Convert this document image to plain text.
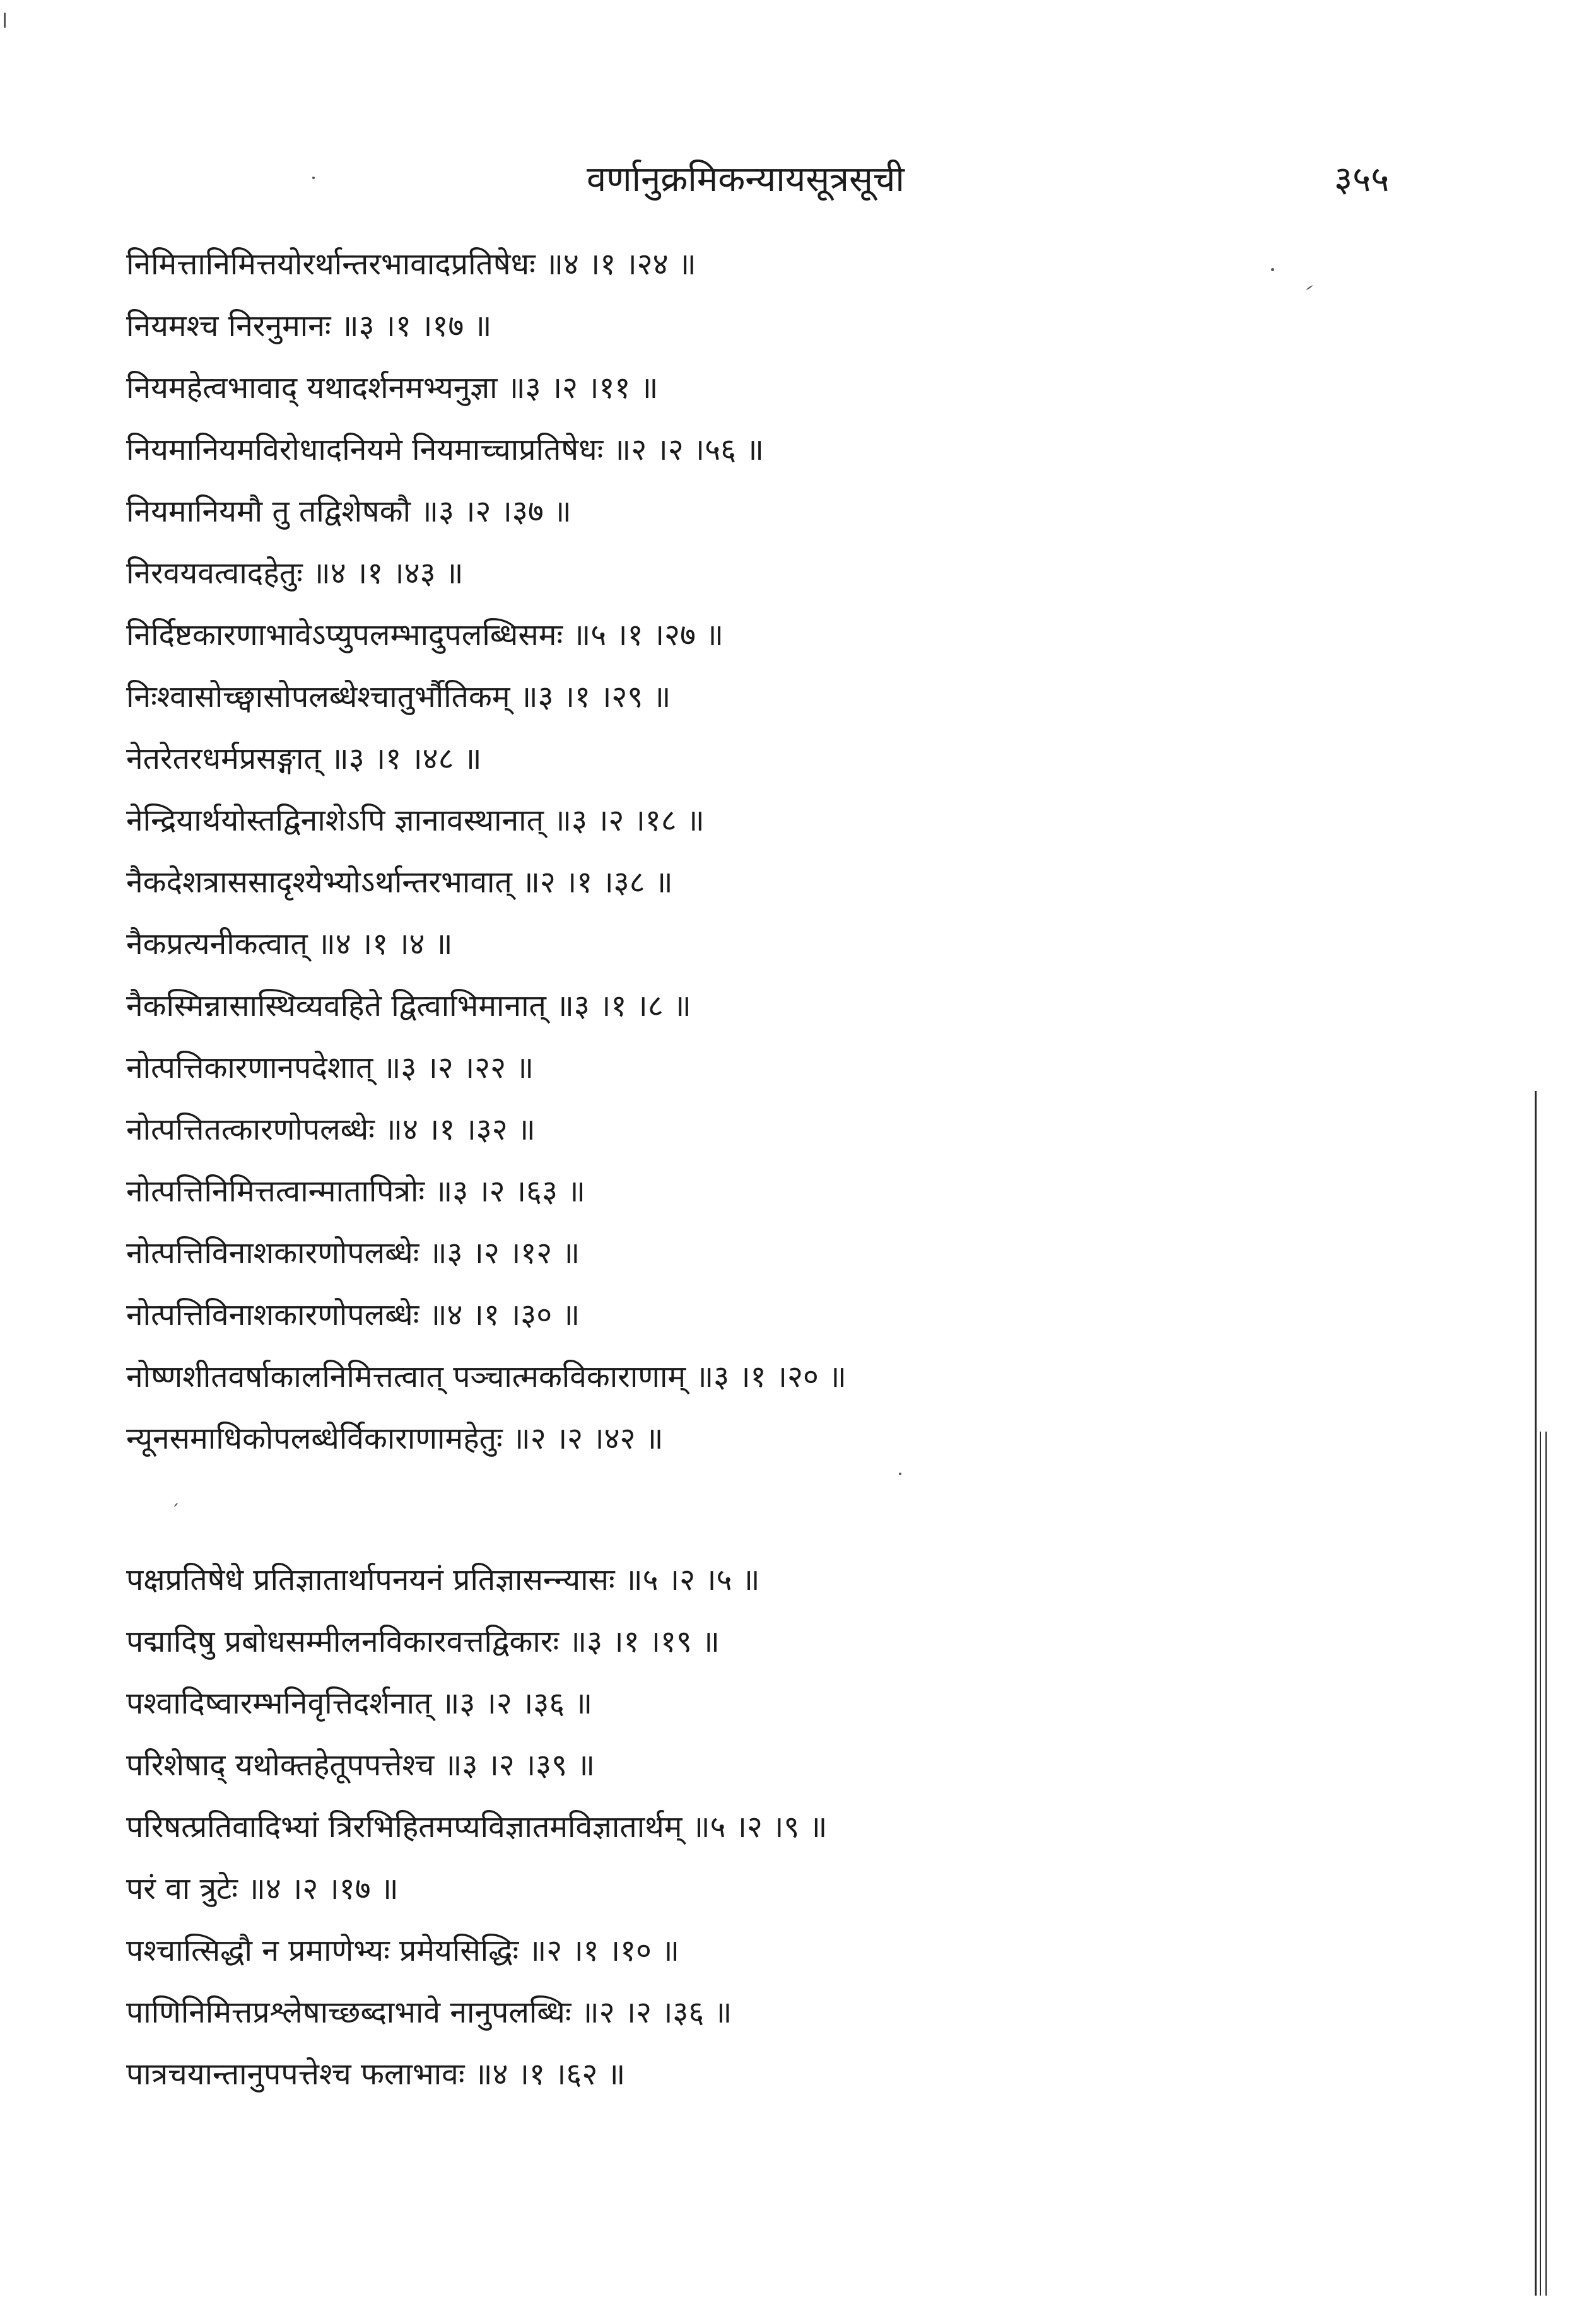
वर्णानुक्रमिकन्यायसूत्रसूची	३५५
निमित्तानिमित्तयोरर्थान्तरभावादप्रतिषेधः ॥४ ।१ ।२४ ॥
नियमश्च निरनुमानः ॥३ ।१ ।१७ ॥
नियमहेत्वभावाद् यथादर्शनमभ्यनुज्ञा ॥३ ।२ ।११ ॥
नियमानियमविरोधादनियमे नियमाच्चाप्रतिषेधः ॥२ ।२ ।५६ ॥
नियमानियमौ तु तद्विशेषकौ ॥३ ।२ ।३७ ॥
निरवयवत्वादहेतुः ॥४ ।१ ।४३ ॥
निर्दिष्टकारणाभावेऽप्युपलम्भादुपलब्धिसमः ॥५ ।१ ।२७ ॥
निःश्वासोच्छ्वासोपलब्धेश्चातुर्भौतिकम् ॥३ ।१ ।२९ ॥
नेतरेतरधर्मप्रसङ्गात् ॥३ ।१ ।४८ ॥
नेन्द्रियार्थयोस्तद्विनाशेऽपि ज्ञानावस्थानात् ॥३ ।२ ।१८ ॥
नैकदेशत्राससादृश्येभ्योऽर्थान्तरभावात् ॥२ ।१ ।३८ ॥
नैकप्रत्यनीकत्वात् ॥४ ।१ ।४ ॥
नैकस्मिन्नासास्थिव्यवहिते द्वित्वाभिमानात् ॥३ ।१ ।८ ॥
नोत्पत्तिकारणानपदेशात् ॥३ ।२ ।२२ ॥
नोत्पत्तितत्कारणोपलब्धेः ॥४ ।१ ।३२ ॥
नोत्पत्तिनिमित्तत्वान्मातापित्रोः ॥३ ।२ ।६३ ॥
नोत्पत्तिविनाशकारणोपलब्धेः ॥३ ।२ ।१२ ॥
नोत्पत्तिविनाशकारणोपलब्धेः ॥४ ।१ ।३० ॥
नोष्णशीतवर्षाकालनिमित्तत्वात् पञ्चात्मकविकाराणाम् ॥३ ।१ ।२० ॥
न्यूनसमाधिकोपलब्धेर्विकाराणामहेतुः ॥२ ।२ ।४२ ॥
पक्षप्रतिषेधे प्रतिज्ञातार्थापनयनं प्रतिज्ञासन्न्यासः ॥५ ।२ ।५ ॥
पद्मादिषु प्रबोधसम्मीलनविकारवत्तद्विकारः ॥३ ।१ ।१९ ॥
पश्वादिष्वारम्भनिवृत्तिदर्शनात् ॥३ ।२ ।३६ ॥
परिशेषाद् यथोक्तहेतूपपत्तेश्च ॥३ ।२ ।३९ ॥
परिषत्प्रतिवादिभ्यां त्रिरभिहितमप्यविज्ञातमविज्ञातार्थम् ॥५ ।२ ।९ ॥
परं वा त्रुटेः ॥४ ।२ ।१७ ॥
पश्चात्सिद्धौ न प्रमाणेभ्यः प्रमेयसिद्धिः ॥२ ।१ ।१० ॥
पाणिनिमित्तप्रश्लेषाच्छब्दाभावे नानुपलब्धिः ॥२ ।२ ।३६ ॥
पात्रचयान्तानुपपत्तेश्च फलाभावः ॥४ ।१ ।६२ ॥
